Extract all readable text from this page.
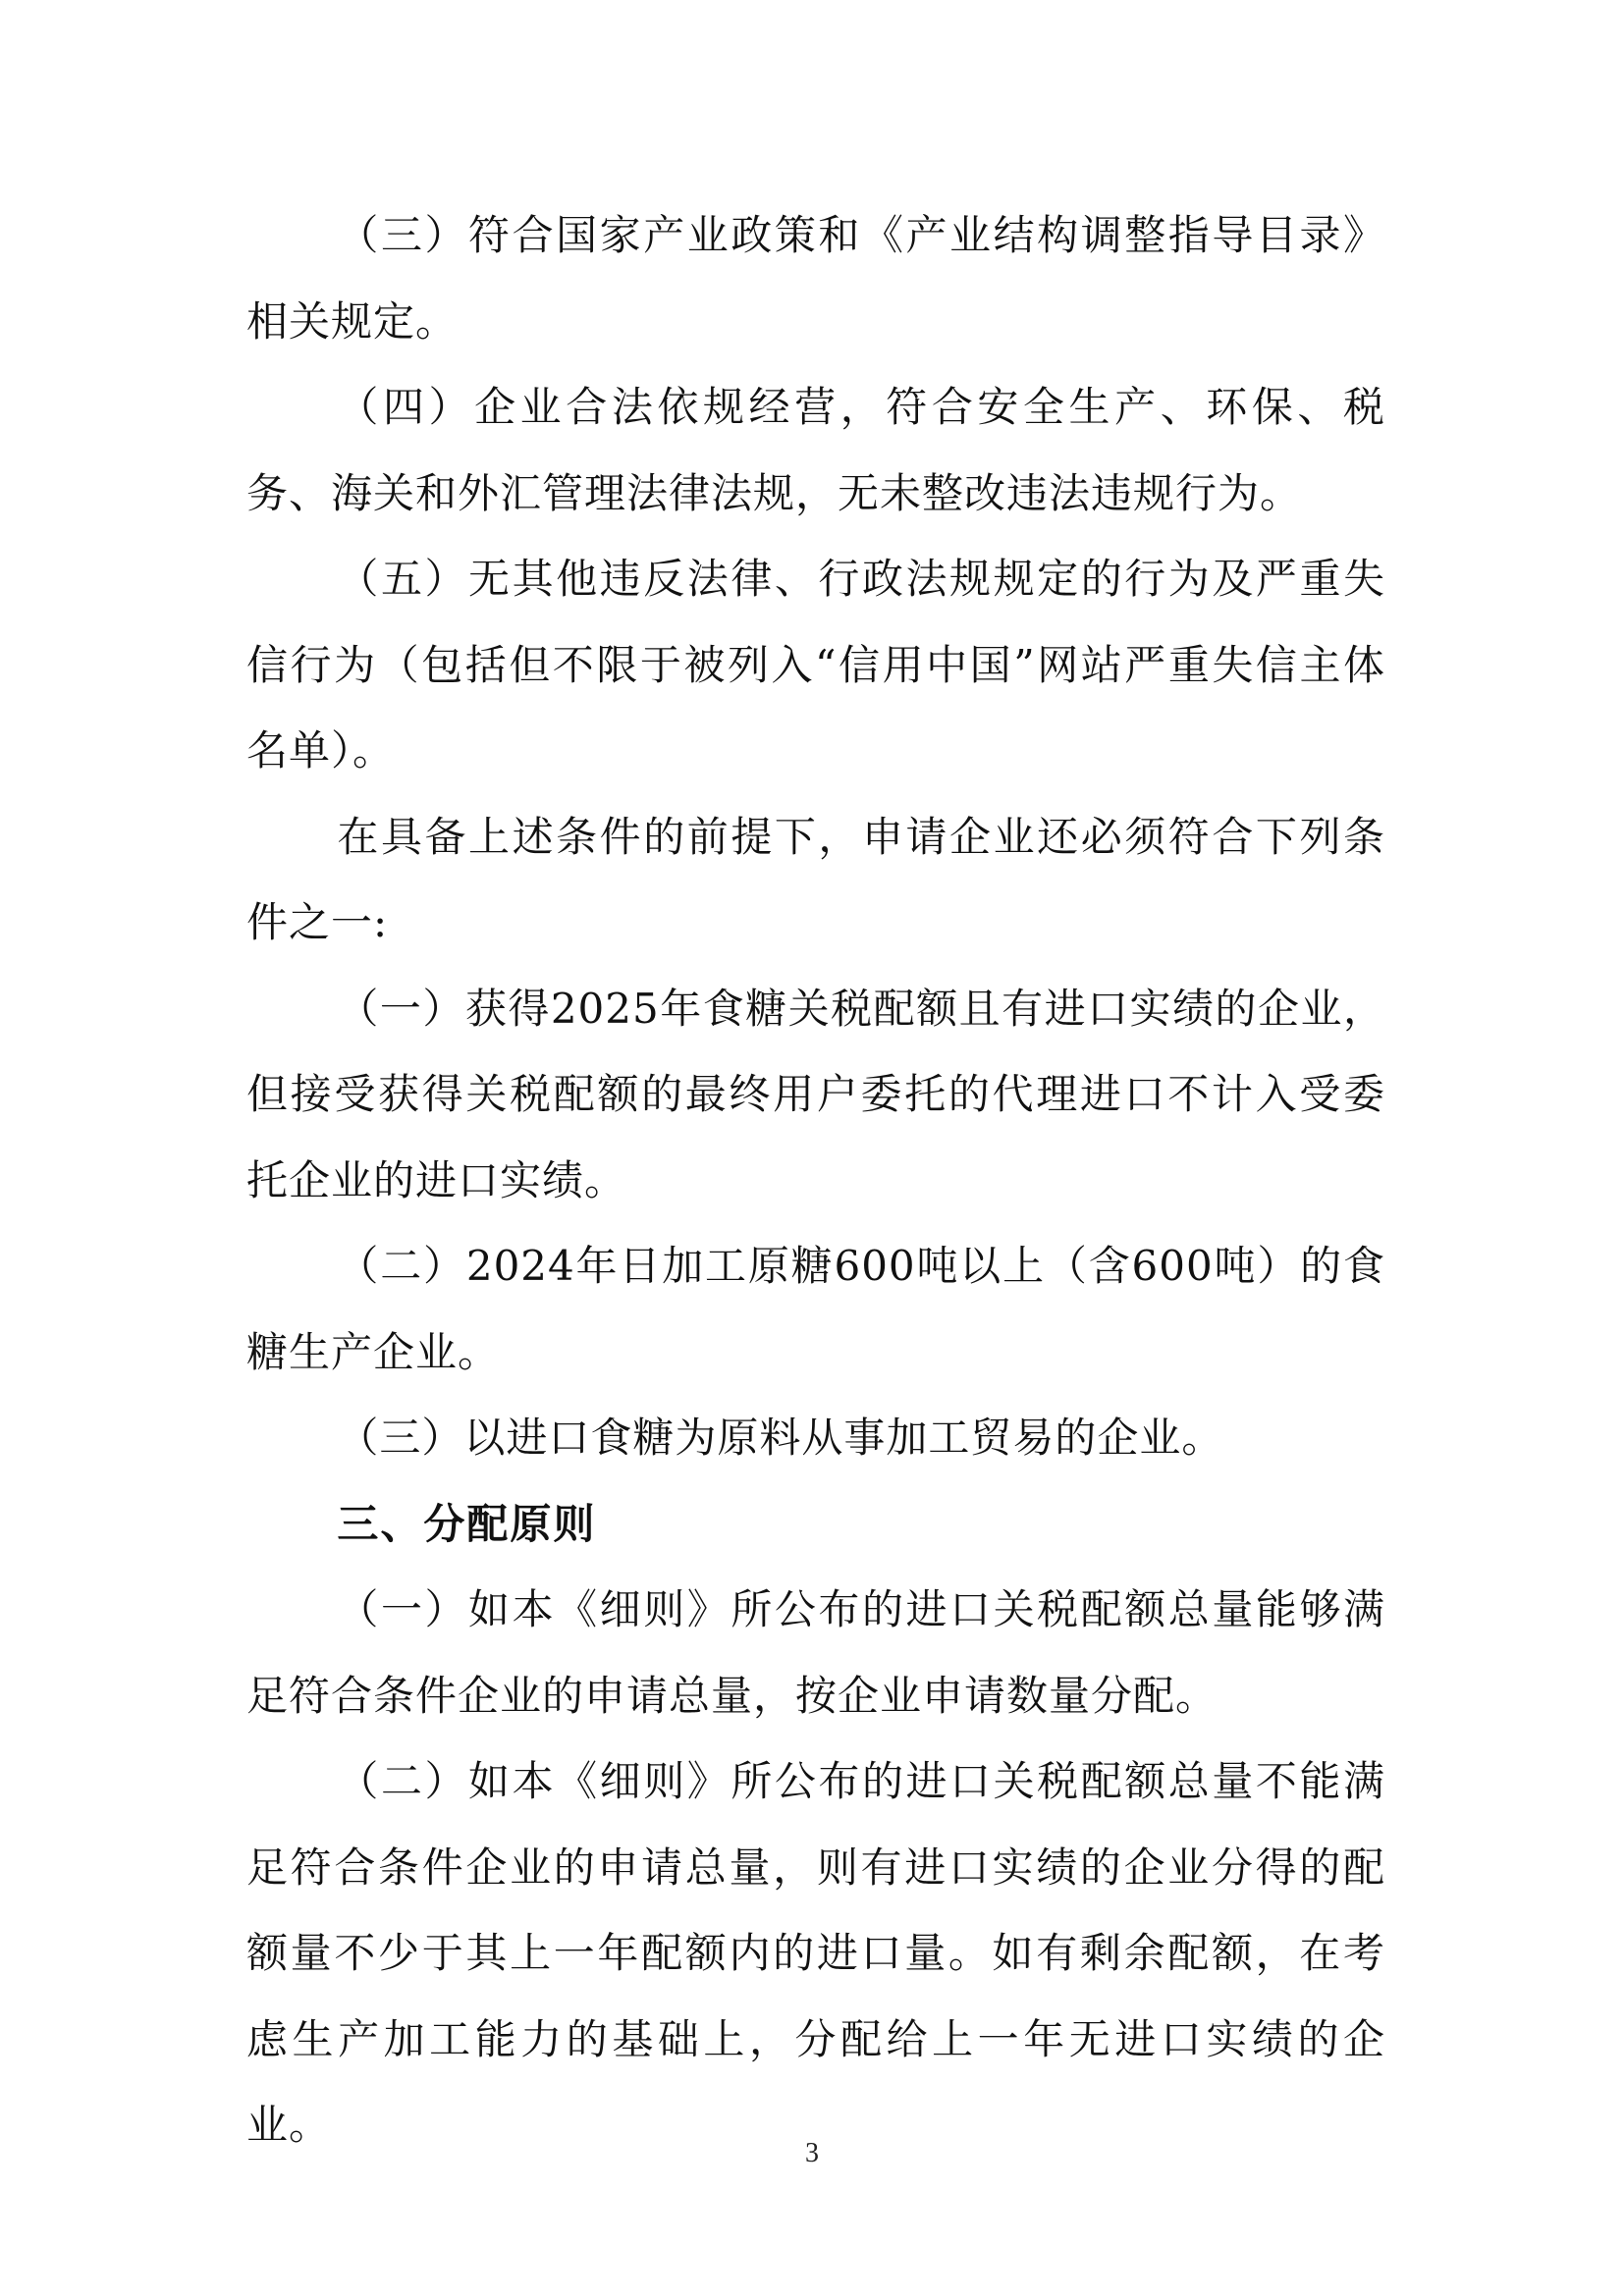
（三）符合国家产业政策和《产业结构调整指导目录》相关规定。

（四）企业合法依规经营，符合安全生产、环保、税务、海关和外汇管理法律法规，无未整改违法违规行为。

（五）无其他违反法律、行政法规规定的行为及严重失信行为（包括但不限于被列入“信用中国”网站严重失信主体名单）。

在具备上述条件的前提下，申请企业还必须符合下列条件之一:

（一）获得2025年食糖关税配额且有进口实绩的企业，但接受获得关税配额的最终用户委托的代理进口不计入受委托企业的进口实绩。

（二）2024年日加工原糖600吨以上（含600吨）的食糖生产企业。

（三）以进口食糖为原料从事加工贸易的企业。

三、分配原则

（一）如本《细则》所公布的进口关税配额总量能够满足符合条件企业的申请总量，按企业申请数量分配。

（二）如本《细则》所公布的进口关税配额总量不能满足符合条件企业的申请总量，则有进口实绩的企业分得的配额量不少于其上一年配额内的进口量。如有剩余配额，在考虑生产加工能力的基础上，分配给上一年无进口实绩的企业。

3
